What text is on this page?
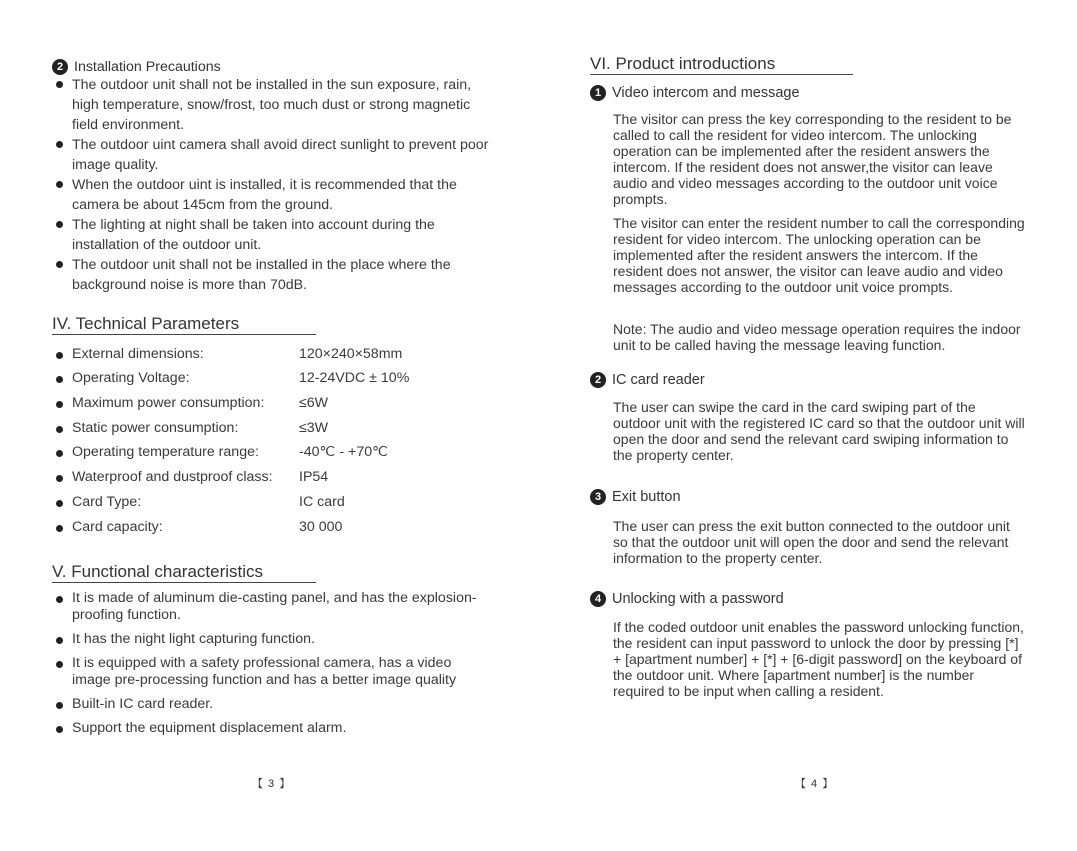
2 Installation Precautions
The outdoor unit shall not be installed in the sun exposure, rain, high temperature, snow/frost, too much dust or strong magnetic field environment.
The outdoor uint camera shall avoid direct sunlight to prevent poor image quality.
When the outdoor uint is installed, it is recommended that the camera be about 145cm from the ground.
The lighting at night shall be taken into account during the installation of the outdoor unit.
The outdoor unit shall not be installed in the place where the background noise is more than 70dB.
IV. Technical Parameters
External dimensions:	120×240×58mm
Operating Voltage:	12-24VDC ± 10%
Maximum power consumption: ≤6W
Static power consumption:	≤3W
Operating temperature range:	-40℃ - +70℃
Waterproof and dustproof class: IP54
Card Type:	IC card
Card capacity:	30 000
V. Functional characteristics
It is made of aluminum die-casting panel, and has the explosion-proofing function.
It has the night light capturing function.
It is equipped with a safety professional camera, has a video image pre-processing function and has a better image quality
Built-in IC card reader.
Support the equipment displacement alarm.
【 3 】
VI. Product introductions
1 Video intercom and message
The visitor can press the key corresponding to the resident to be called to call the resident for video intercom. The unlocking operation can be implemented after the resident answers the intercom. If the resident does not answer,the visitor can leave audio and video messages according to the outdoor unit voice prompts.
The visitor can enter the resident number to call the corresponding resident for video intercom. The unlocking operation can be implemented after the resident answers the intercom. If the resident does not answer, the visitor can leave audio and video messages according to the outdoor unit voice prompts.
Note: The audio and video message operation requires the indoor unit to be called having the message leaving function.
2 IC card reader
The user can swipe the card in the card swiping part of the outdoor unit with the registered IC card so that the outdoor unit will open the door and send the relevant card swiping information to the property center.
3 Exit button
The user can press the exit button connected to the outdoor unit so that the outdoor unit will open the door and send the relevant information to the property center.
4 Unlocking with a password
If the coded outdoor unit enables the password unlocking function, the resident can input password to unlock the door by pressing [*] + [apartment number] + [*] + [6-digit password] on the keyboard of the outdoor unit. Where [apartment number] is the number required to be input when calling a resident.
【 4 】
